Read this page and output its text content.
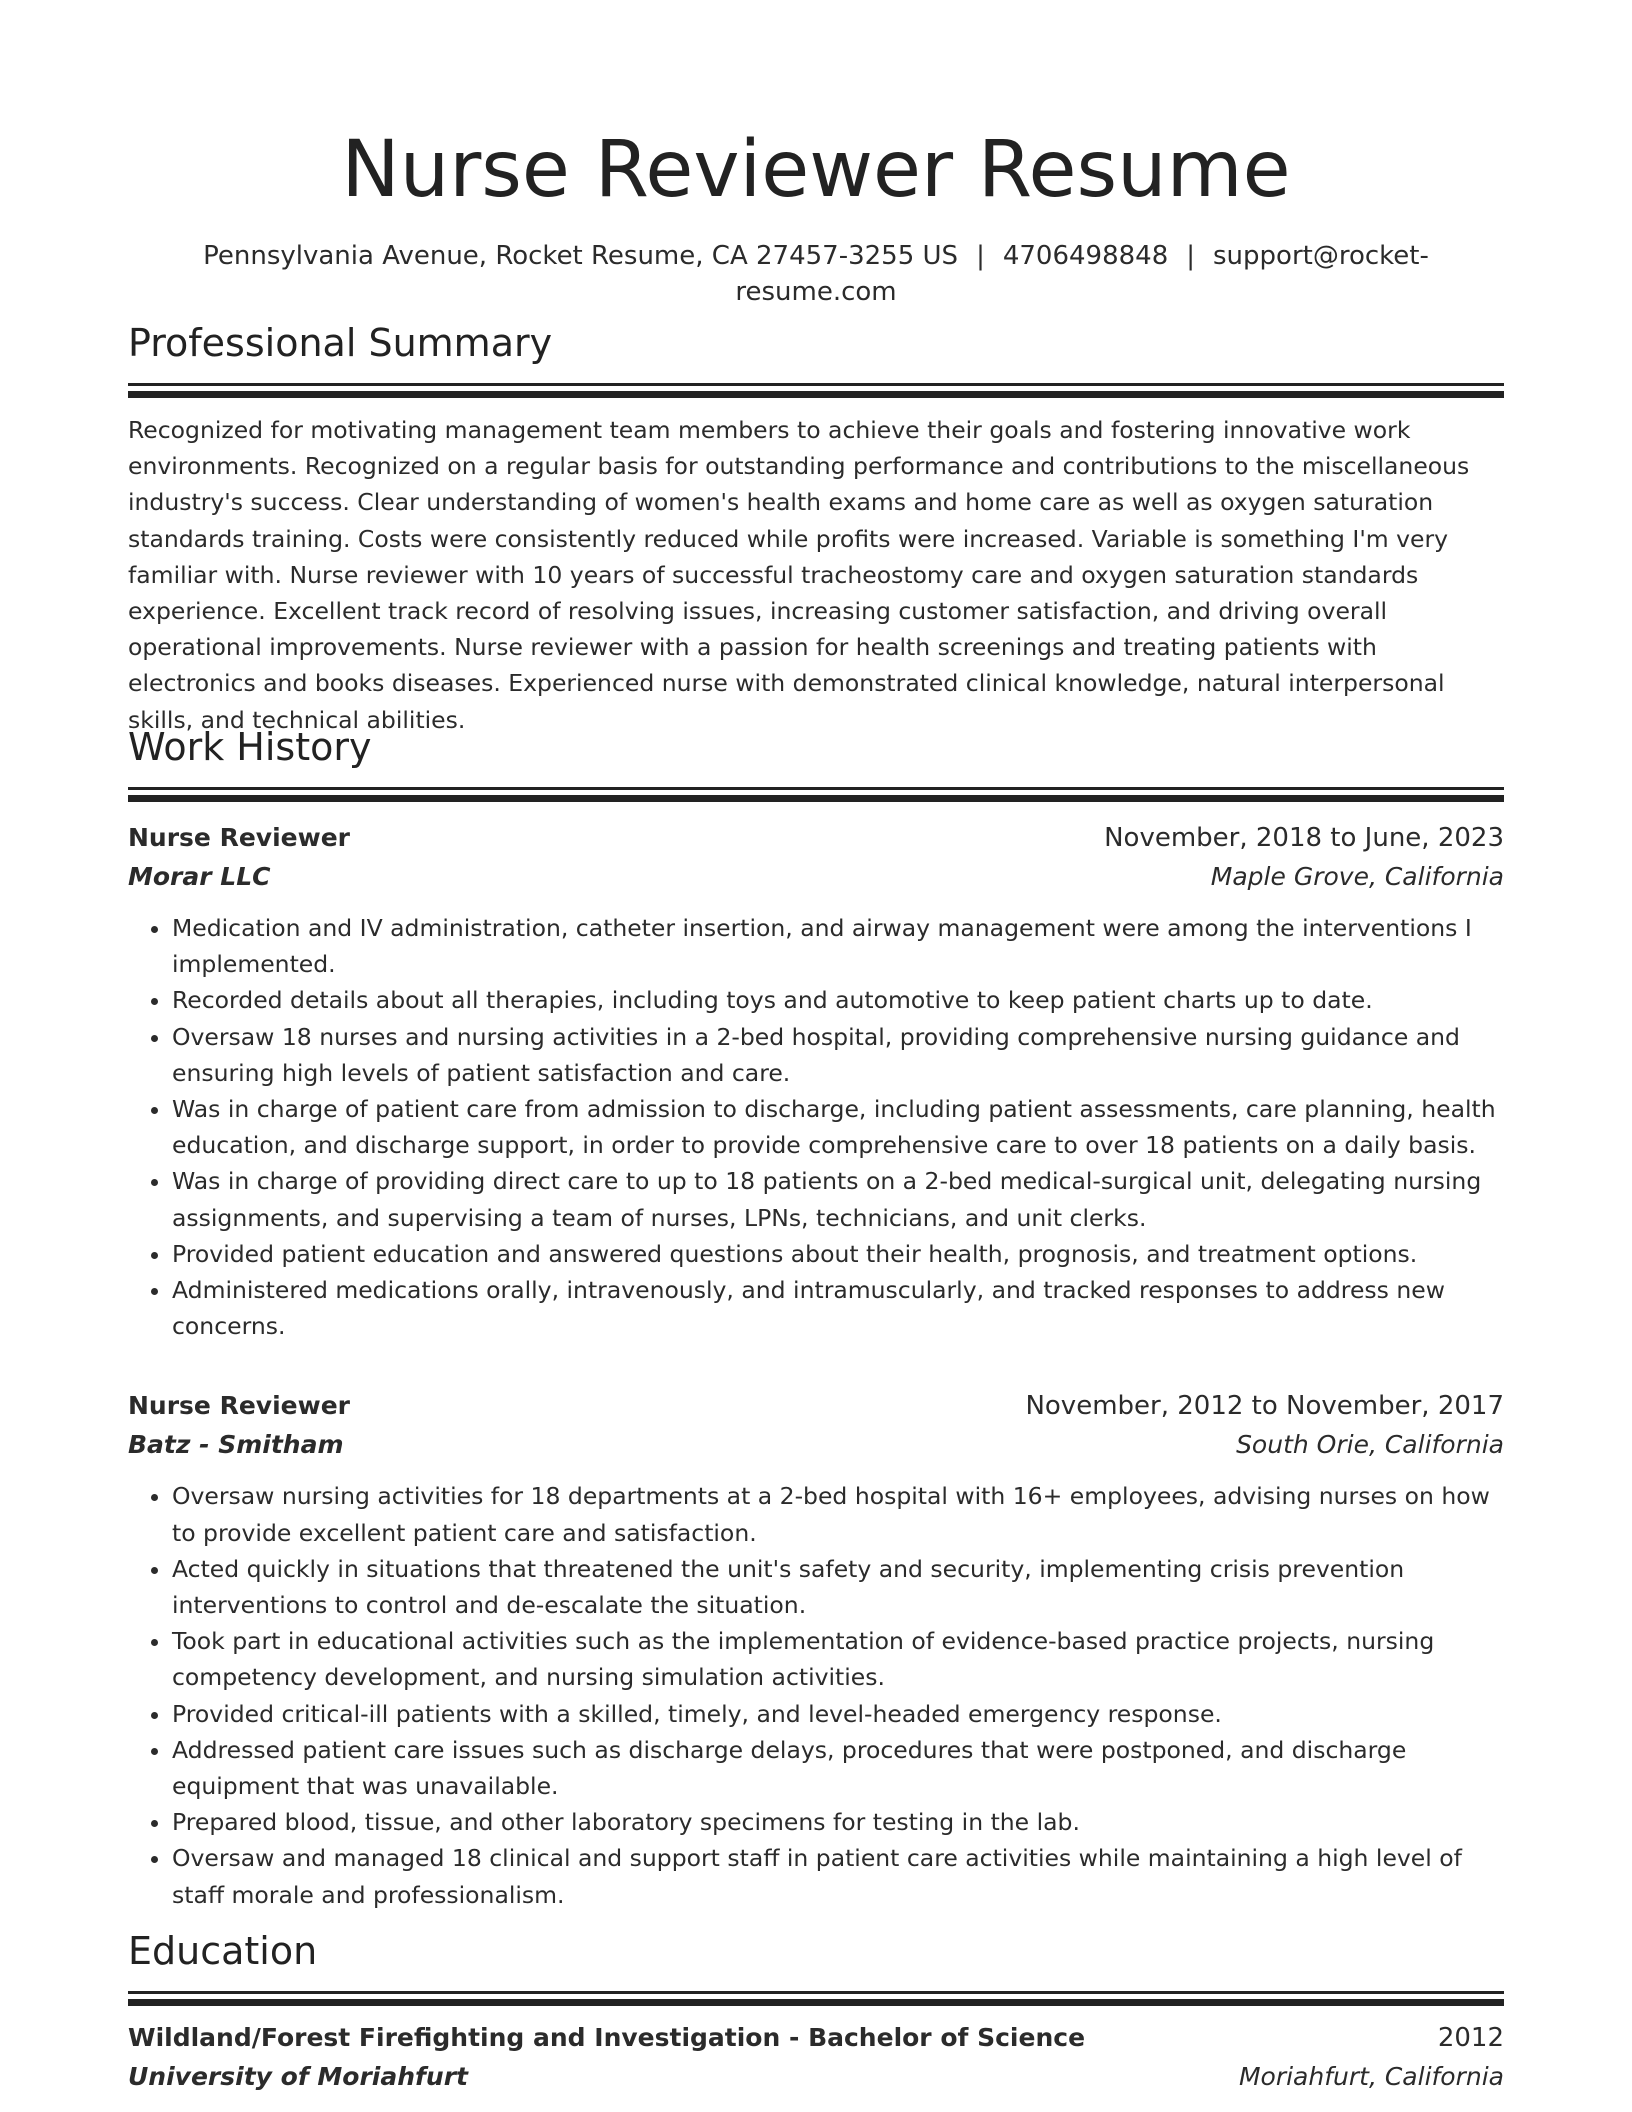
Nurse Reviewer Resume
Pennsylvania Avenue, Rocket Resume, CA 27457-3255 US | 4706498848 | support@rocket-resume.com
Professional Summary

Recognized for motivating management team members to achieve their goals and fostering innovative work environments. Recognized on a regular basis for outstanding performance and contributions to the miscellaneous industry's success. Clear understanding of women's health exams and home care as well as oxygen saturation standards training. Costs were consistently reduced while profits were increased. Variable is something I'm very familiar with. Nurse reviewer with 10 years of successful tracheostomy care and oxygen saturation standards experience. Excellent track record of resolving issues, increasing customer satisfaction, and driving overall operational improvements. Nurse reviewer with a passion for health screenings and treating patients with electronics and books diseases. Experienced nurse with demonstrated clinical knowledge, natural interpersonal skills, and technical abilities.

Work History
Nurse Reviewer	November, 2018 to June, 2023
Morar LLC	Maple Grove, California
• Medication and IV administration, catheter insertion, and airway management were among the interventions I implemented.
• Recorded details about all therapies, including toys and automotive to keep patient charts up to date.
• Oversaw 18 nurses and nursing activities in a 2-bed hospital, providing comprehensive nursing guidance and ensuring high levels of patient satisfaction and care.
• Was in charge of patient care from admission to discharge, including patient assessments, care planning, health education, and discharge support, in order to provide comprehensive care to over 18 patients on a daily basis.
• Was in charge of providing direct care to up to 18 patients on a 2-bed medical-surgical unit, delegating nursing assignments, and supervising a team of nurses, LPNs, technicians, and unit clerks.
• Provided patient education and answered questions about their health, prognosis, and treatment options.
• Administered medications orally, intravenously, and intramuscularly, and tracked responses to address new concerns.
Nurse Reviewer	November, 2012 to November, 2017
Batz - Smitham	South Orie, California
• Oversaw nursing activities for 18 departments at a 2-bed hospital with 16+ employees, advising nurses on how to provide excellent patient care and satisfaction.
• Acted quickly in situations that threatened the unit's safety and security, implementing crisis prevention interventions to control and de-escalate the situation.
• Took part in educational activities such as the implementation of evidence-based practice projects, nursing competency development, and nursing simulation activities.
• Provided critical-ill patients with a skilled, timely, and level-headed emergency response.
• Addressed patient care issues such as discharge delays, procedures that were postponed, and discharge equipment that was unavailable.
• Prepared blood, tissue, and other laboratory specimens for testing in the lab.
• Oversaw and managed 18 clinical and support staff in patient care activities while maintaining a high level of staff morale and professionalism.
Education
Wildland/Forest Firefighting and Investigation - Bachelor of Science	2012
University of Moriahfurt	Moriahfurt, California
